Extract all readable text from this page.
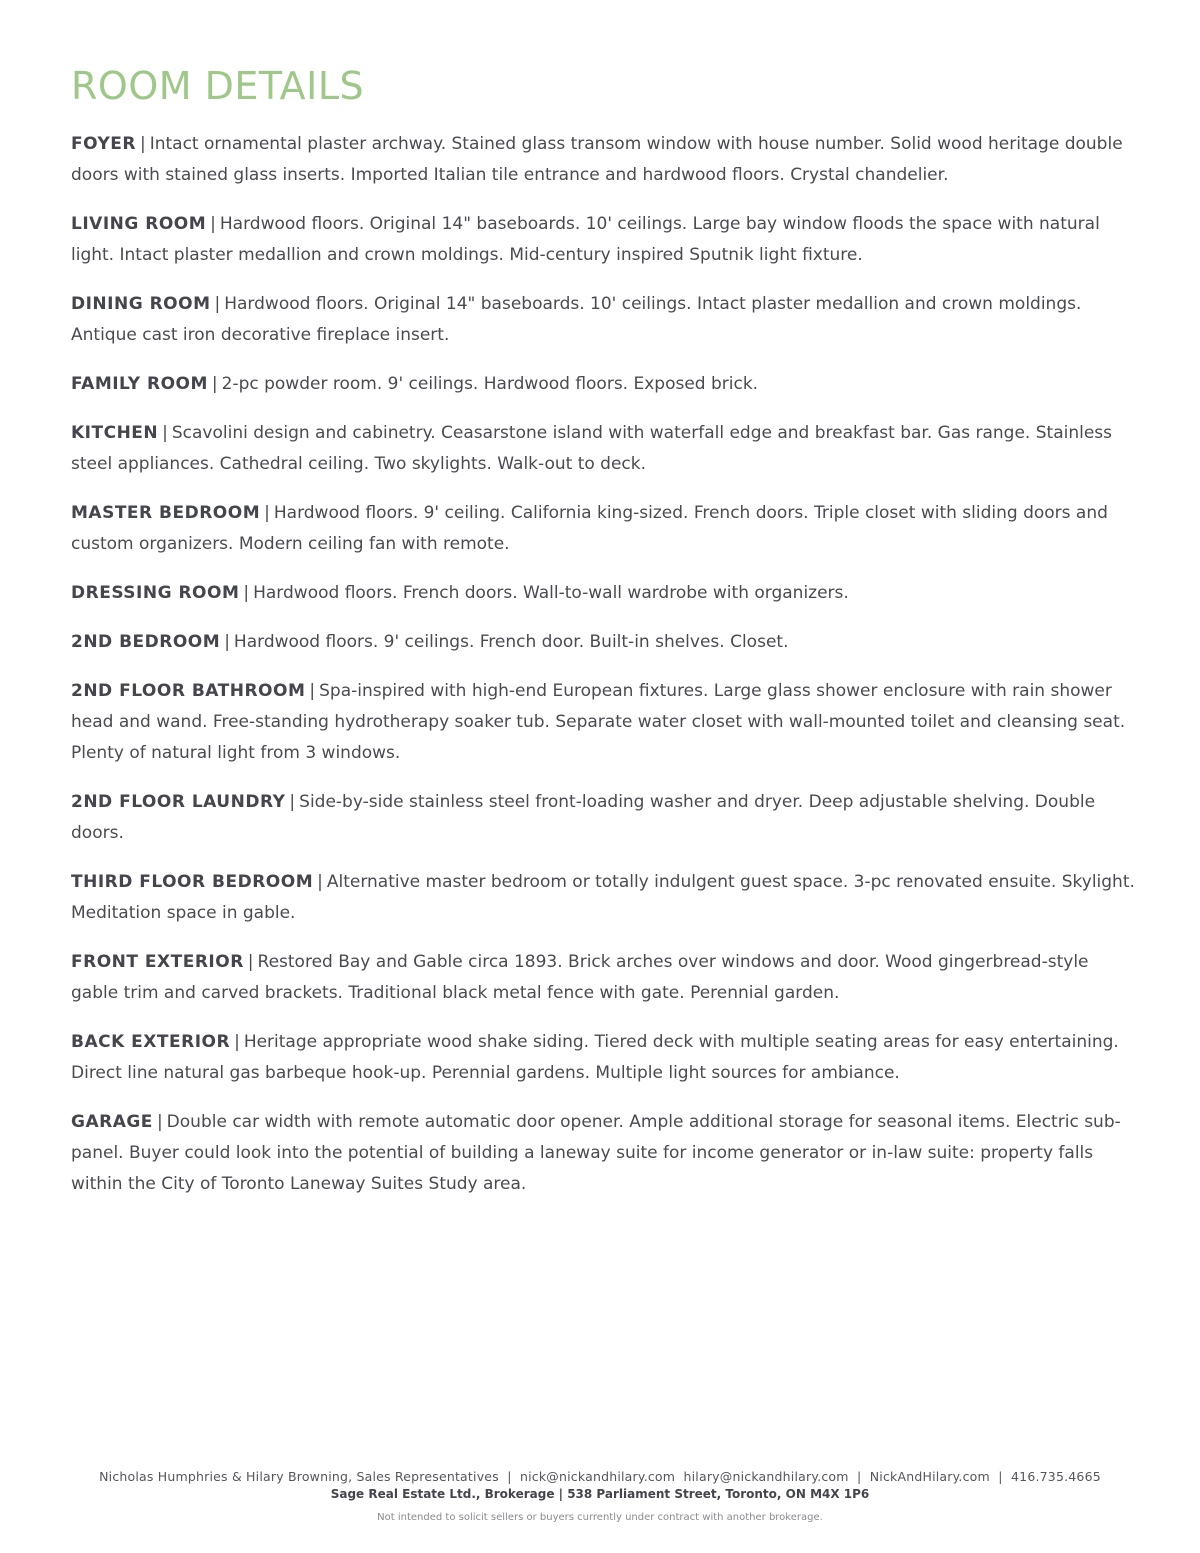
ROOM DETAILS

FOYER | Intact ornamental plaster archway. Stained glass transom window with house number. Solid wood heritage double doors with stained glass inserts. Imported Italian tile entrance and hardwood floors. Crystal chandelier.

LIVING ROOM | Hardwood floors. Original 14" baseboards. 10' ceilings. Large bay window floods the space with natural light. Intact plaster medallion and crown moldings. Mid-century inspired Sputnik light fixture.

DINING ROOM | Hardwood floors. Original 14" baseboards. 10' ceilings. Intact plaster medallion and crown moldings. Antique cast iron decorative fireplace insert.

FAMILY ROOM | 2-pc powder room. 9' ceilings. Hardwood floors. Exposed brick.

KITCHEN | Scavolini design and cabinetry. Ceasarstone island with waterfall edge and breakfast bar. Gas range. Stainless steel appliances. Cathedral ceiling. Two skylights. Walk-out to deck.

MASTER BEDROOM | Hardwood floors. 9' ceiling. California king-sized. French doors. Triple closet with sliding doors and custom organizers. Modern ceiling fan with remote.

DRESSING ROOM | Hardwood floors. French doors. Wall-to-wall wardrobe with organizers.

2ND BEDROOM | Hardwood floors. 9' ceilings. French door. Built-in shelves. Closet.

2ND FLOOR BATHROOM | Spa-inspired with high-end European fixtures. Large glass shower enclosure with rain shower head and wand. Free-standing hydrotherapy soaker tub. Separate water closet with wall-mounted toilet and cleansing seat. Plenty of natural light from 3 windows.

2ND FLOOR LAUNDRY | Side-by-side stainless steel front-loading washer and dryer. Deep adjustable shelving. Double doors.

THIRD FLOOR BEDROOM | Alternative master bedroom or totally indulgent guest space. 3-pc renovated ensuite. Skylight. Meditation space in gable.

FRONT EXTERIOR | Restored Bay and Gable circa 1893. Brick arches over windows and door. Wood gingerbread-style gable trim and carved brackets. Traditional black metal fence with gate. Perennial garden.

BACK EXTERIOR | Heritage appropriate wood shake siding. Tiered deck with multiple seating areas for easy entertaining. Direct line natural gas barbeque hook-up. Perennial gardens. Multiple light sources for ambiance.

GARAGE | Double car width with remote automatic door opener. Ample additional storage for seasonal items. Electric sub-panel. Buyer could look into the potential of building a laneway suite for income generator or in-law suite: property falls within the City of Toronto Laneway Suites Study area.

Nicholas Humphries & Hilary Browning, Sales Representatives  |  nick@nickandhilary.com  hilary@nickandhilary.com  |  NickAndHilary.com  |  416.735.4665
Sage Real Estate Ltd., Brokerage | 538 Parliament Street, Toronto, ON M4X 1P6
Not intended to solicit sellers or buyers currently under contract with another brokerage.
